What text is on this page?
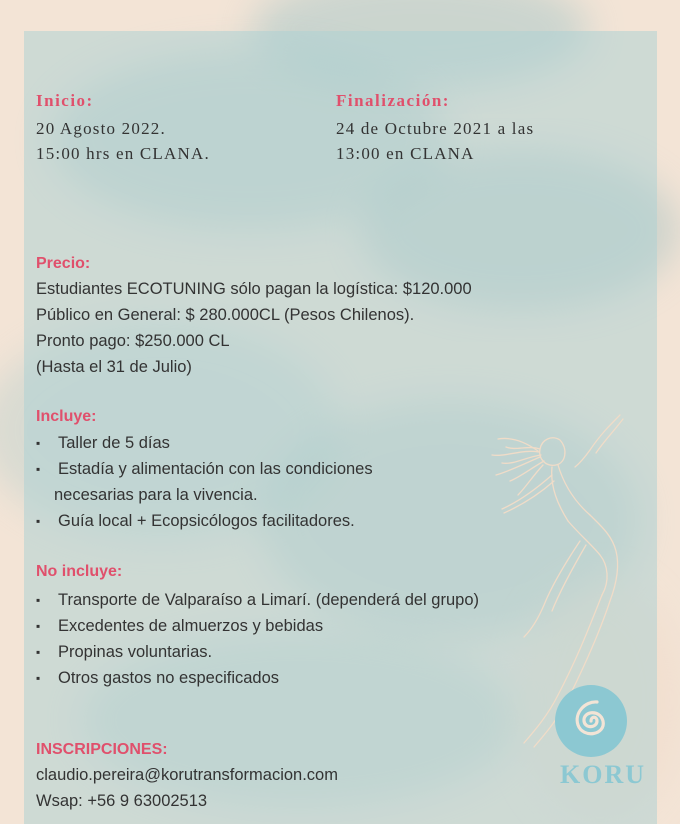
Inicio:
20 Agosto 2022.
15:00 hrs en CLANA.
Finalización:
24 de Octubre 2021 a las
13:00 en CLANA
Precio:
Estudiantes ECOTUNING sólo pagan la logística: $120.000
Público en General: $ 280.000CL (Pesos Chilenos).
Pronto pago: $250.000 CL
(Hasta el 31 de Julio)
Incluye:
▪ Taller de 5 días
▪ Estadía y alimentación con las condiciones
necesarias para la vivencia.
▪ Guía local + Ecopsicólogos facilitadores.
No incluye:
▪ Transporte de Valparaíso a Limarí. (dependerá del grupo)
▪ Excedentes de almuerzos y bebidas
▪ Propinas voluntarias.
▪ Otros gastos no especificados
INSCRIPCIONES:
claudio.pereira@korutransformacion.com
Wsap: +56 9 63002513
KORU
